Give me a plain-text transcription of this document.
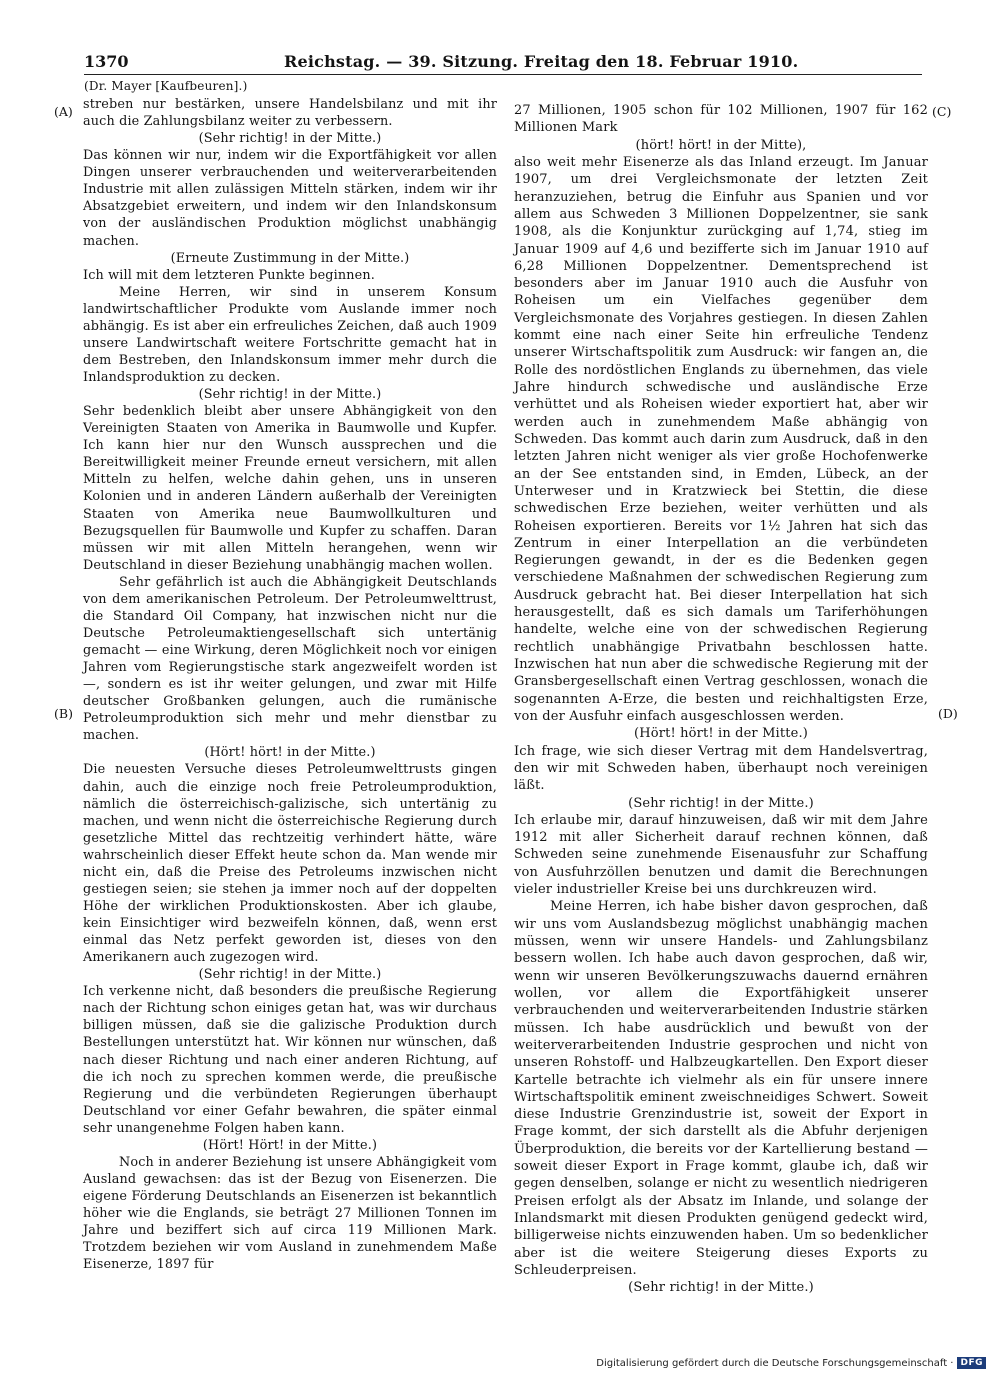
1370	Reichstag. — 39. Sitzung. Freitag den 18. Februar 1910.
(Dr. Mayer [Kaufbeuren].)
(A)
(B)
(C)
(D)

streben nur bestärken, unsere Handelsbilanz und mit ihr auch die Zahlungsbilanz weiter zu verbessern.

(Sehr richtig! in der Mitte.)

Das können wir nur, indem wir die Exportfähigkeit vor allen Dingen unserer verbrauchenden und weiterverarbeitenden Industrie mit allen zulässigen Mitteln stärken, indem wir ihr Absatzgebiet erweitern, und indem wir den Inlandskonsum von der ausländischen Produktion möglichst unabhängig machen.

(Erneute Zustimmung in der Mitte.)

Ich will mit dem letzteren Punkte beginnen.

Meine Herren, wir sind in unserem Konsum landwirtschaftlicher Produkte vom Auslande immer noch abhängig. Es ist aber ein erfreuliches Zeichen, daß auch 1909 unsere Landwirtschaft weitere Fortschritte gemacht hat in dem Bestreben, den Inlandskonsum immer mehr durch die Inlandsproduktion zu decken.

(Sehr richtig! in der Mitte.)

Sehr bedenklich bleibt aber unsere Abhängigkeit von den Vereinigten Staaten von Amerika in Baumwolle und Kupfer. Ich kann hier nur den Wunsch aussprechen und die Bereitwilligkeit meiner Freunde erneut versichern, mit allen Mitteln zu helfen, welche dahin gehen, uns in unseren Kolonien und in anderen Ländern außerhalb der Vereinigten Staaten von Amerika neue Baumwollkulturen und Bezugsquellen für Baumwolle und Kupfer zu schaffen. Daran müssen wir mit allen Mitteln herangehen, wenn wir Deutschland in dieser Beziehung unabhängig machen wollen.

Sehr gefährlich ist auch die Abhängigkeit Deutschlands von dem amerikanischen Petroleum. Der Petroleumwelttrust, die Standard Oil Company, hat inzwischen nicht nur die Deutsche Petroleumaktiengesellschaft sich untertänig gemacht — eine Wirkung, deren Möglichkeit noch vor einigen Jahren vom Regierungstische stark angezweifelt worden ist —, sondern es ist ihr weiter gelungen, und zwar mit Hilfe deutscher Großbanken gelungen, auch die rumänische Petroleumproduktion sich mehr und mehr dienstbar zu machen.

(Hört! hört! in der Mitte.)

Die neuesten Versuche dieses Petroleumwelttrusts gingen dahin, auch die einzige noch freie Petroleumproduktion, nämlich die österreichisch-galizische, sich untertänig zu machen, und wenn nicht die österreichische Regierung durch gesetzliche Mittel das rechtzeitig verhindert hätte, wäre wahrscheinlich dieser Effekt heute schon da. Man wende mir nicht ein, daß die Preise des Petroleums inzwischen nicht gestiegen seien; sie stehen ja immer noch auf der doppelten Höhe der wirklichen Produktionskosten. Aber ich glaube, kein Einsichtiger wird bezweifeln können, daß, wenn erst einmal das Netz perfekt geworden ist, dieses von den Amerikanern auch zugezogen wird.

(Sehr richtig! in der Mitte.)

Ich verkenne nicht, daß besonders die preußische Regierung nach der Richtung schon einiges getan hat, was wir durchaus billigen müssen, daß sie die galizische Produktion durch Bestellungen unterstützt hat. Wir können nur wünschen, daß nach dieser Richtung und nach einer anderen Richtung, auf die ich noch zu sprechen kommen werde, die preußische Regierung und die verbündeten Regierungen überhaupt Deutschland vor einer Gefahr bewahren, die später einmal sehr unangenehme Folgen haben kann.

(Hört! Hört! in der Mitte.)

Noch in anderer Beziehung ist unsere Abhängigkeit vom Ausland gewachsen: das ist der Bezug von Eisenerzen. Die eigene Förderung Deutschlands an Eisenerzen ist bekanntlich höher wie die Englands, sie beträgt 27 Millionen Tonnen im Jahre und beziffert sich auf circa 119 Millionen Mark. Trotzdem beziehen wir vom Ausland in zunehmendem Maße Eisenerze, 1897 für

27 Millionen, 1905 schon für 102 Millionen, 1907 für 162 Millionen Mark

(hört! hört! in der Mitte),

also weit mehr Eisenerze als das Inland erzeugt. Im Januar 1907, um drei Vergleichsmonate der letzten Zeit heranzuziehen, betrug die Einfuhr aus Spanien und vor allem aus Schweden 3 Millionen Doppelzentner, sie sank 1908, als die Konjunktur zurückging auf 1,74, stieg im Januar 1909 auf 4,6 und bezifferte sich im Januar 1910 auf 6,28 Millionen Doppelzentner. Dementsprechend ist besonders aber im Januar 1910 auch die Ausfuhr von Roheisen um ein Vielfaches gegenüber dem Vergleichsmonate des Vorjahres gestiegen. In diesen Zahlen kommt eine nach einer Seite hin erfreuliche Tendenz unserer Wirtschaftspolitik zum Ausdruck: wir fangen an, die Rolle des nordöstlichen Englands zu übernehmen, das viele Jahre hindurch schwedische und ausländische Erze verhüttet und als Roheisen wieder exportiert hat, aber wir werden auch in zunehmendem Maße abhängig von Schweden. Das kommt auch darin zum Ausdruck, daß in den letzten Jahren nicht weniger als vier große Hochofenwerke an der See entstanden sind, in Emden, Lübeck, an der Unterweser und in Kratzwieck bei Stettin, die diese schwedischen Erze beziehen, weiter verhütten und als Roheisen exportieren. Bereits vor 1½ Jahren hat sich das Zentrum in einer Interpellation an die verbündeten Regierungen gewandt, in der es die Bedenken gegen verschiedene Maßnahmen der schwedischen Regierung zum Ausdruck gebracht hat. Bei dieser Interpellation hat sich herausgestellt, daß es sich damals um Tariferhöhungen handelte, welche eine von der schwedischen Regierung rechtlich unabhängige Privatbahn beschlossen hatte. Inzwischen hat nun aber die schwedische Regierung mit der Gransbergesellschaft einen Vertrag geschlossen, wonach die sogenannten A-Erze, die besten und reichhaltigsten Erze, von der Ausfuhr einfach ausgeschlossen werden.

(Hört! hört! in der Mitte.)

Ich frage, wie sich dieser Vertrag mit dem Handelsvertrag, den wir mit Schweden haben, überhaupt noch vereinigen läßt.

(Sehr richtig! in der Mitte.)

Ich erlaube mir, darauf hinzuweisen, daß wir mit dem Jahre 1912 mit aller Sicherheit darauf rechnen können, daß Schweden seine zunehmende Eisenausfuhr zur Schaffung von Ausfuhrzöllen benutzen und damit die Berechnungen vieler industrieller Kreise bei uns durchkreuzen wird.

Meine Herren, ich habe bisher davon gesprochen, daß wir uns vom Auslandsbezug möglichst unabhängig machen müssen, wenn wir unsere Handels- und Zahlungsbilanz bessern wollen. Ich habe auch davon gesprochen, daß wir, wenn wir unseren Bevölkerungszuwachs dauernd ernähren wollen, vor allem die Exportfähigkeit unserer verbrauchenden und weiterverarbeitenden Industrie stärken müssen. Ich habe ausdrücklich und bewußt von der weiterverarbeitenden Industrie gesprochen und nicht von unseren Rohstoff- und Halbzeugkartellen. Den Export dieser Kartelle betrachte ich vielmehr als ein für unsere innere Wirtschaftspolitik eminent zweischneidiges Schwert. Soweit diese Industrie Grenzindustrie ist, soweit der Export in Frage kommt, der sich darstellt als die Abfuhr derjenigen Überproduktion, die bereits vor der Kartellierung bestand — soweit dieser Export in Frage kommt, glaube ich, daß wir gegen denselben, solange er nicht zu wesentlich niedrigeren Preisen erfolgt als der Absatz im Inlande, und solange der Inlandsmarkt mit diesen Produkten genügend gedeckt wird, billigerweise nichts einzuwenden haben. Um so bedenklicher aber ist die weitere Steigerung dieses Exports zu Schleuderpreisen.

(Sehr richtig! in der Mitte.)

Digitalisierung gefördert durch die Deutsche Forschungsgemeinschaft · DFG
